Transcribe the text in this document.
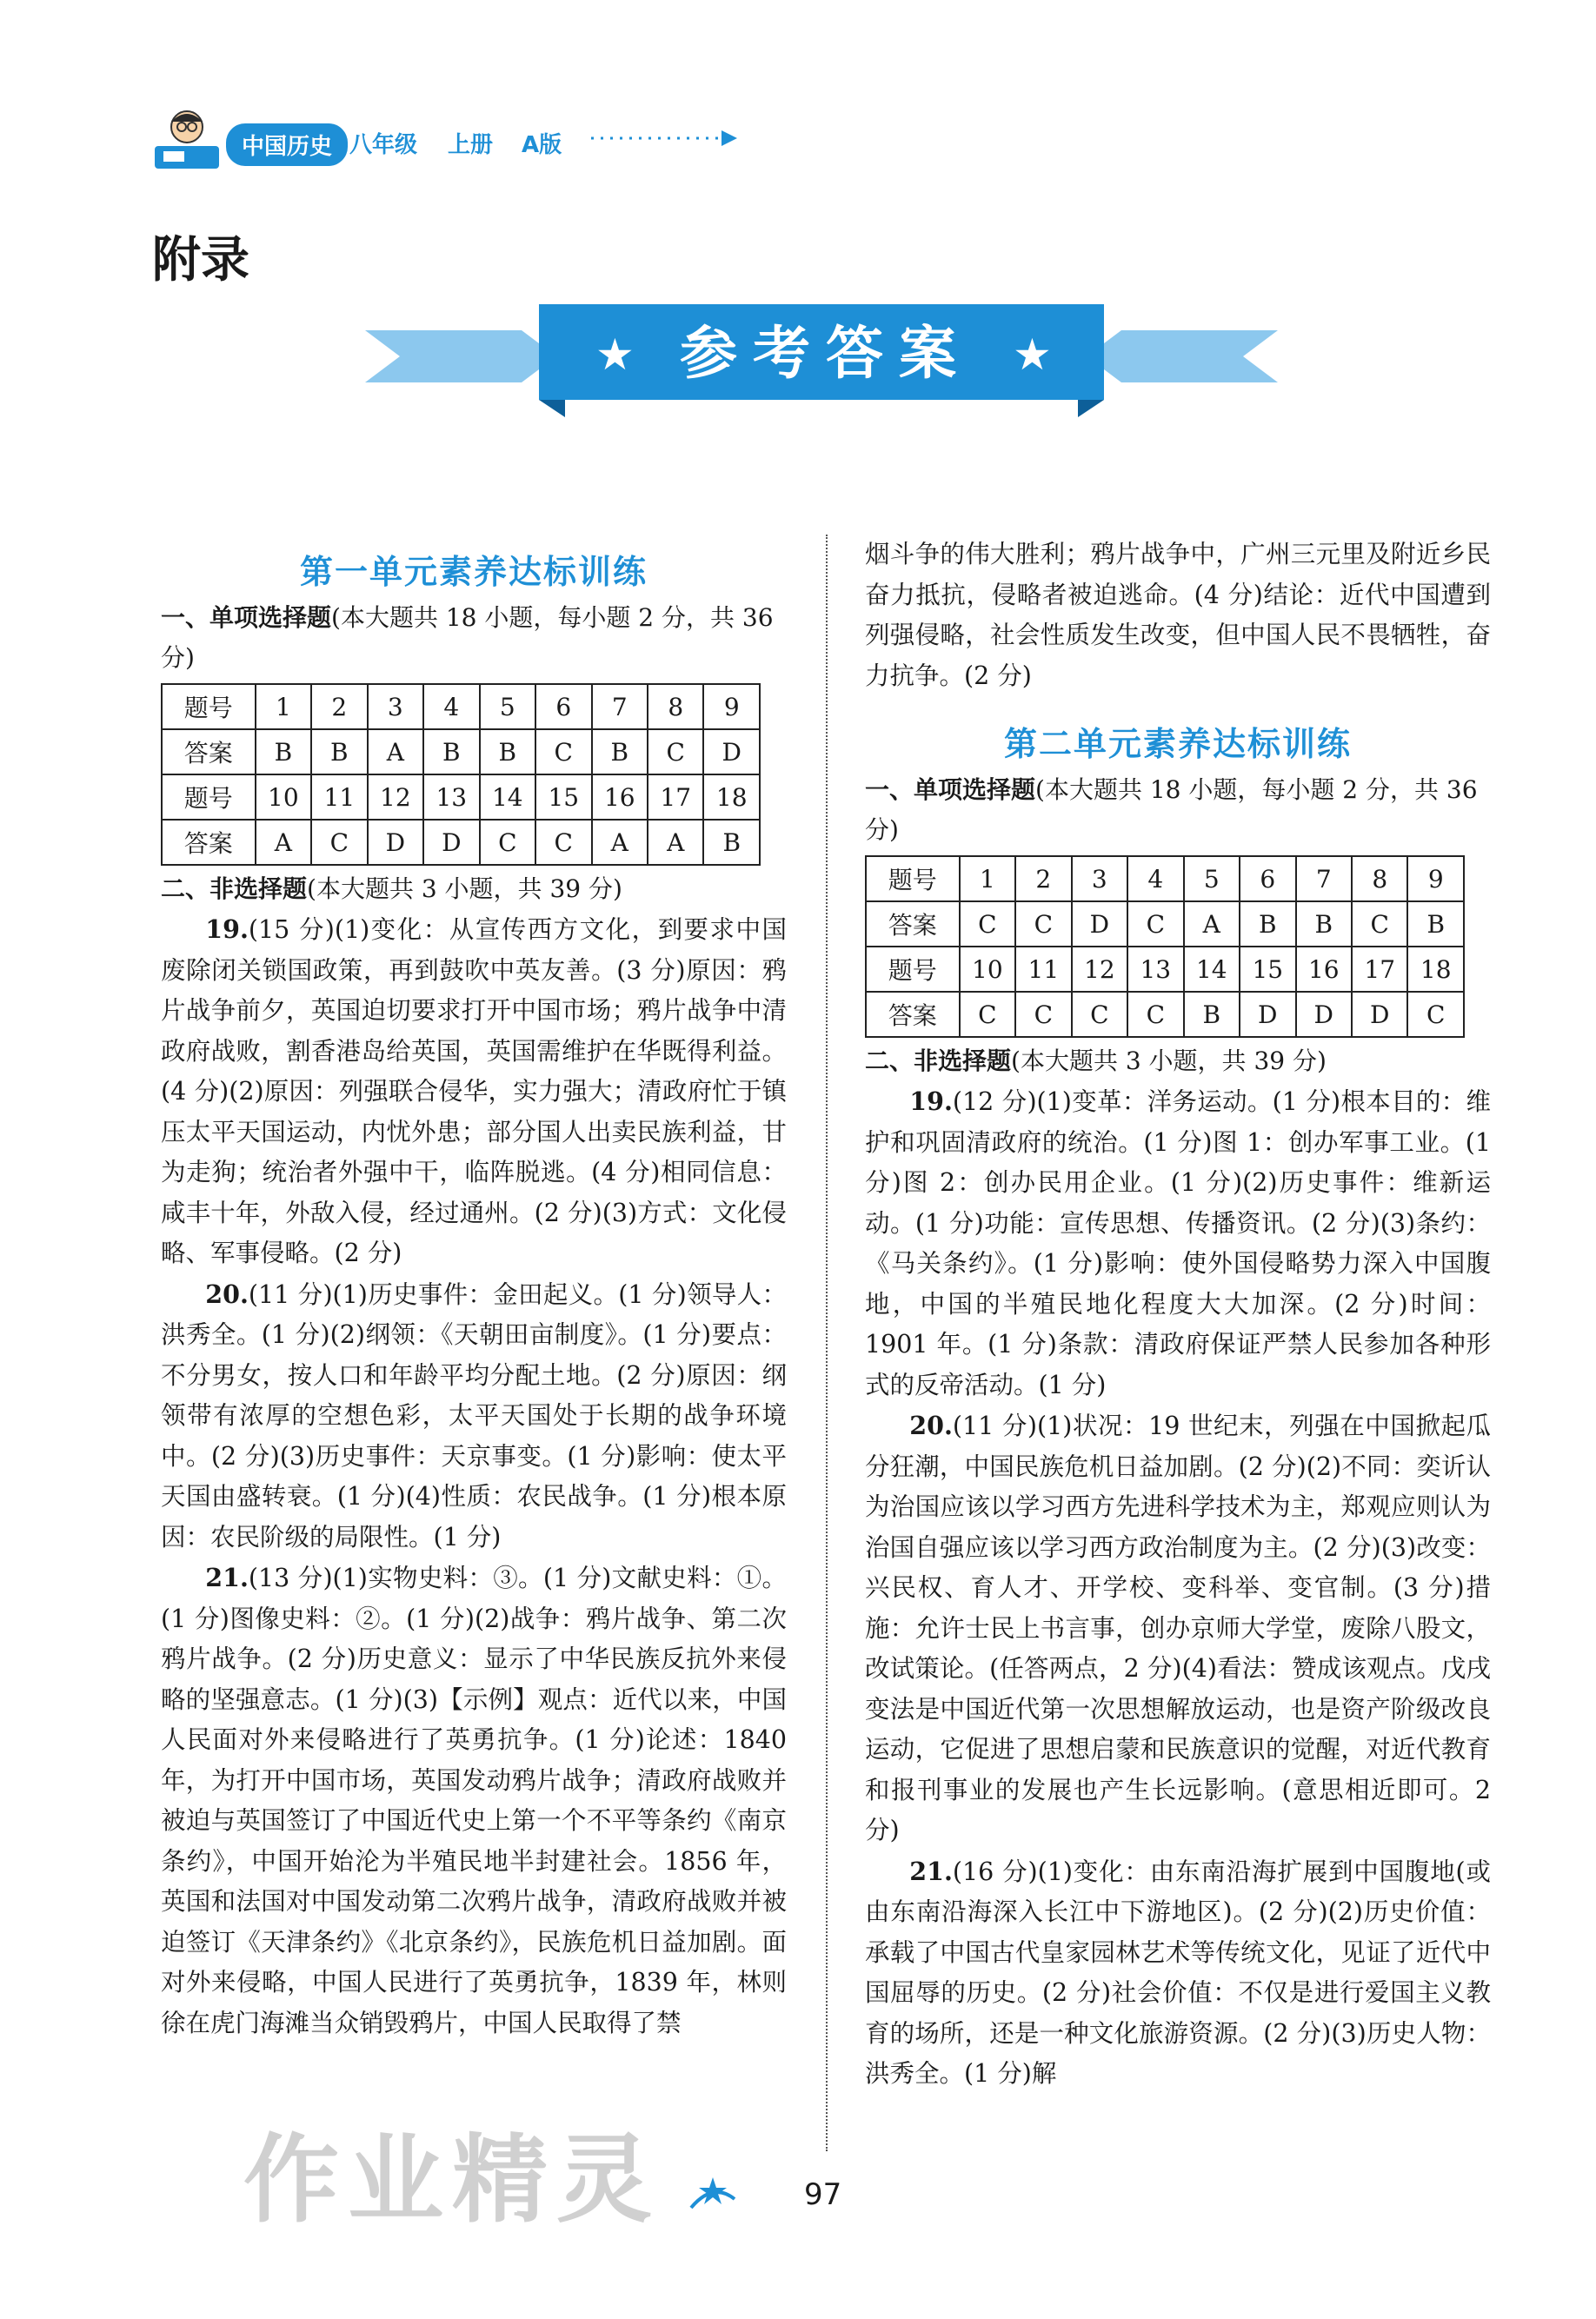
中国历史 八年级 上册 A版
附录
★	★
参考答案
第一单元素养达标训练

一、单项选择题(本大题共 18 小题，每小题 2 分，共 36 分)

题号	1	2	3	4	5	6	7	8	9
答案	B	B	A	B	B	C	B	C	D
题号	10	11	12	13	14	15	16	17	18
答案	A	C	D	D	C	C	A	A	B

二、非选择题(本大题共 3 小题，共 39 分)

19.(15 分)(1)变化：从宣传西方文化，到要求中国废除闭关锁国政策，再到鼓吹中英友善。(3 分)原因：鸦片战争前夕，英国迫切要求打开中国市场；鸦片战争中清政府战败，割香港岛给英国，英国需维护在华既得利益。(4 分)(2)原因：列强联合侵华，实力强大；清政府忙于镇压太平天国运动，内忧外患；部分国人出卖民族利益，甘为走狗；统治者外强中干，临阵脱逃。(4 分)相同信息：咸丰十年，外敌入侵，经过通州。(2 分)(3)方式：文化侵略、军事侵略。(2 分)

20.(11 分)(1)历史事件：金田起义。(1 分)领导人：洪秀全。(1 分)(2)纲领：《天朝田亩制度》。(1 分)要点：不分男女，按人口和年龄平均分配土地。(2 分)原因：纲领带有浓厚的空想色彩，太平天国处于长期的战争环境中。(2 分)(3)历史事件：天京事变。(1 分)影响：使太平天国由盛转衰。(1 分)(4)性质：农民战争。(1 分)根本原因：农民阶级的局限性。(1 分)

21.(13 分)(1)实物史料：③。(1 分)文献史料：①。(1 分)图像史料：②。(1 分)(2)战争：鸦片战争、第二次鸦片战争。(2 分)历史意义：显示了中华民族反抗外来侵略的坚强意志。(1 分)(3)【示例】观点：近代以来，中国人民面对外来侵略进行了英勇抗争。(1 分)论述：1840 年，为打开中国市场，英国发动鸦片战争；清政府战败并被迫与英国签订了中国近代史上第一个不平等条约《南京条约》，中国开始沦为半殖民地半封建社会。1856 年，英国和法国对中国发动第二次鸦片战争，清政府战败并被迫签订《天津条约》《北京条约》，民族危机日益加剧。面对外来侵略，中国人民进行了英勇抗争，1839 年，林则徐在虎门海滩当众销毁鸦片，中国人民取得了禁

烟斗争的伟大胜利；鸦片战争中，广州三元里及附近乡民奋力抵抗，侵略者被迫逃命。(4 分)结论：近代中国遭到列强侵略，社会性质发生改变，但中国人民不畏牺牲，奋力抗争。(2 分)

第二单元素养达标训练

一、单项选择题(本大题共 18 小题，每小题 2 分，共 36 分)

题号	1	2	3	4	5	6	7	8	9
答案	C	C	D	C	A	B	B	C	B
题号	10	11	12	13	14	15	16	17	18
答案	C	C	C	C	B	D	D	D	C

二、非选择题(本大题共 3 小题，共 39 分)

19.(12 分)(1)变革：洋务运动。(1 分)根本目的：维护和巩固清政府的统治。(1 分)图 1：创办军事工业。(1 分)图 2：创办民用企业。(1 分)(2)历史事件：维新运动。(1 分)功能：宣传思想、传播资讯。(2 分)(3)条约：《马关条约》。(1 分)影响：使外国侵略势力深入中国腹地，中国的半殖民地化程度大大加深。(2 分)时间：1901 年。(1 分)条款：清政府保证严禁人民参加各种形式的反帝活动。(1 分)

20.(11 分)(1)状况：19 世纪末，列强在中国掀起瓜分狂潮，中国民族危机日益加剧。(2 分)(2)不同：奕䜣认为治国应该以学习西方先进科学技术为主，郑观应则认为治国自强应该以学习西方政治制度为主。(2 分)(3)改变：兴民权、育人才、开学校、变科举、变官制。(3 分)措施：允许士民上书言事，创办京师大学堂，废除八股文，改试策论。(任答两点，2 分)(4)看法：赞成该观点。戊戌变法是中国近代第一次思想解放运动，也是资产阶级改良运动，它促进了思想启蒙和民族意识的觉醒，对近代教育和报刊事业的发展也产生长远影响。(意思相近即可。2 分)

21.(16 分)(1)变化：由东南沿海扩展到中国腹地(或由东南沿海深入长江中下游地区)。(2 分)(2)历史价值：承载了中国古代皇家园林艺术等传统文化，见证了近代中国屈辱的历史。(2 分)社会价值：不仅是进行爱国主义教育的场所，还是一种文化旅游资源。(2 分)(3)历史人物：洪秀全。(1 分)解

作业精灵	97
